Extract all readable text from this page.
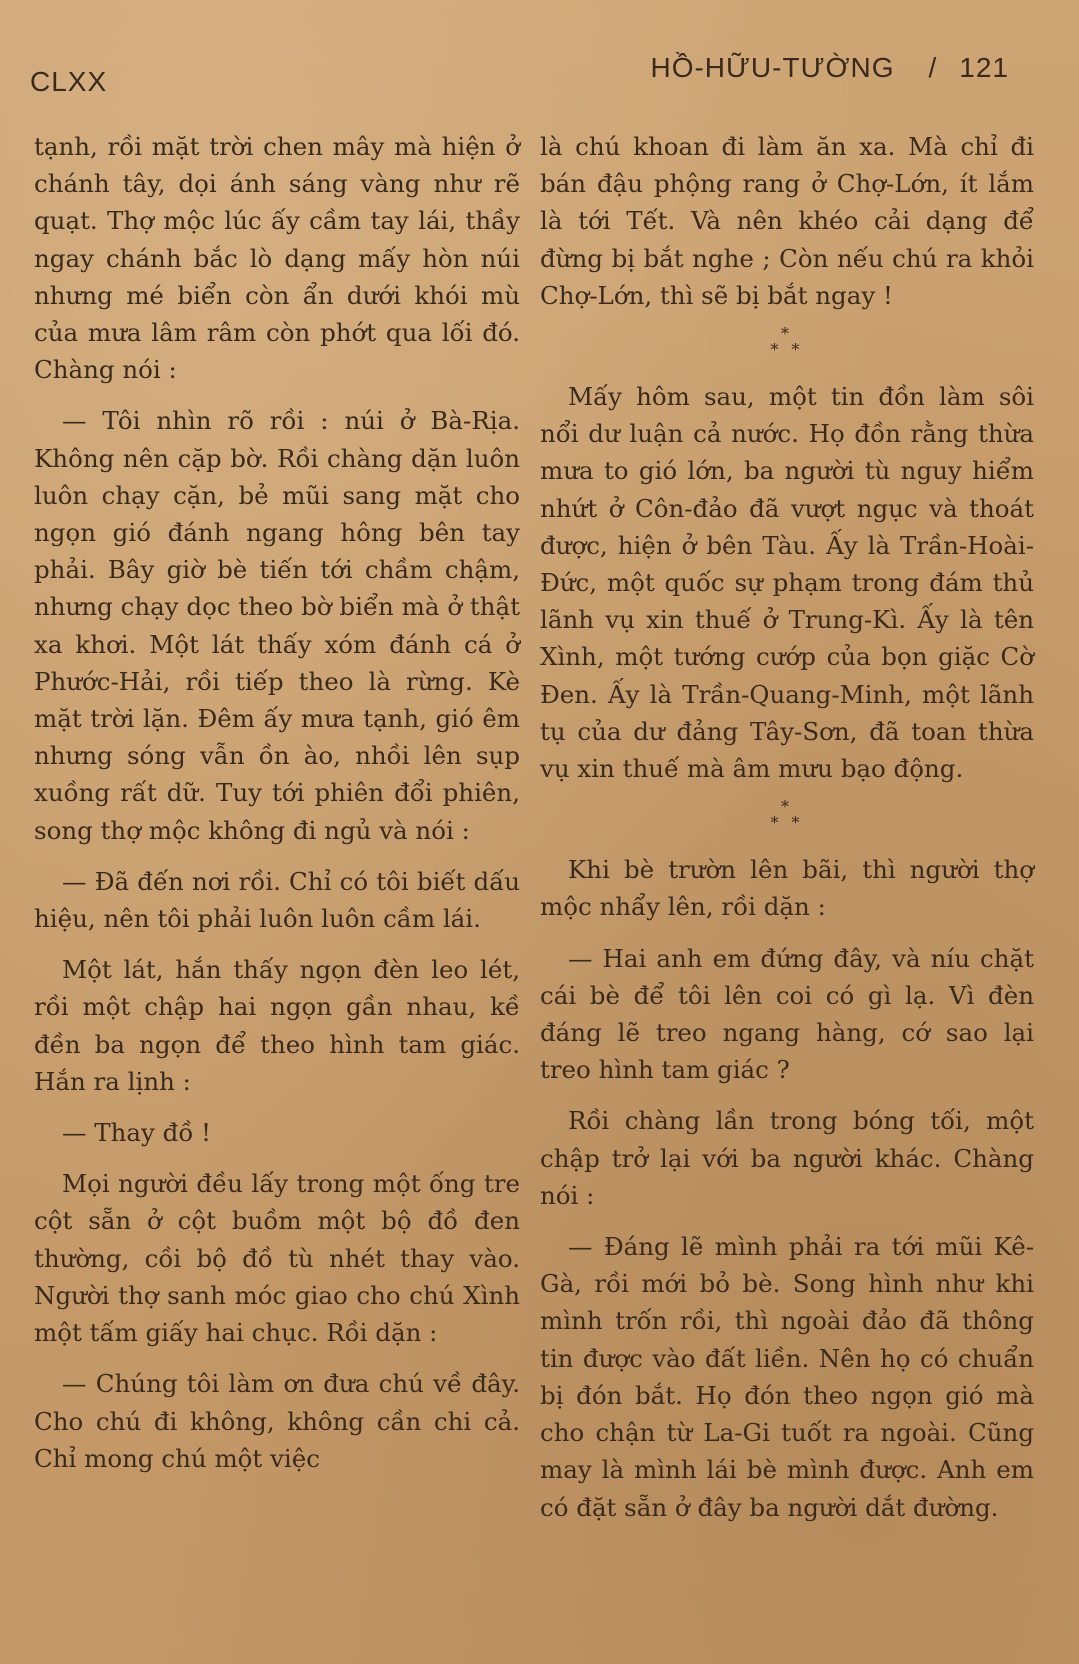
CLXX	HỒ-HỮU-TƯỜNG / 121

tạnh, rồi mặt trời chen mây mà hiện ở chánh tây, dọi ánh sáng vàng như rẽ quạt. Thợ mộc lúc ấy cầm tay lái, thầy ngay chánh bắc lò dạng mấy hòn núi nhưng mé biển còn ẩn dưới khói mù của mưa lâm râm còn phớt qua lối đó. Chàng nói :

— Tôi nhìn rõ rồi : núi ở Bà-Rịa. Không nên cặp bờ. Rồi chàng dặn luôn luôn chạy cặn, bẻ mũi sang mặt cho ngọn gió đánh ngang hông bên tay phải. Bây giờ bè tiến tới chầm chậm, nhưng chạy dọc theo bờ biển mà ở thật xa khơi. Một lát thấy xóm đánh cá ở Phước-Hải, rồi tiếp theo là rừng. Kè mặt trời lặn. Đêm ấy mưa tạnh, gió êm nhưng sóng vẫn ồn ào, nhồi lên sụp xuồng rất dữ. Tuy tới phiên đổi phiên, song thợ mộc không đi ngủ và nói :

— Đã đến nơi rồi. Chỉ có tôi biết dấu hiệu, nên tôi phải luôn luôn cầm lái.

Một lát, hắn thấy ngọn đèn leo lét, rồi một chập hai ngọn gần nhau, kề đền ba ngọn để theo hình tam giác. Hắn ra lịnh :

— Thay đồ !

Mọi người đều lấy trong một ống tre cột sẵn ở cột buồm một bộ đồ đen thường, cồi bộ đồ tù nhét thay vào. Người thợ sanh móc giao cho chú Xình một tấm giấy hai chục. Rồi dặn :

— Chúng tôi làm ơn đưa chú về đây. Cho chú đi không, không cần chi cả. Chỉ mong chú một việc

là chú khoan đi làm ăn xa. Mà chỉ đi bán đậu phộng rang ở Chợ-Lớn, ít lắm là tới Tết. Và nên khéo cải dạng để đừng bị bắt nghe ; Còn nếu chú ra khỏi Chợ-Lớn, thì sẽ bị bắt ngay !

*
* *

Mấy hôm sau, một tin đồn làm sôi nổi dư luận cả nước. Họ đồn rằng thừa mưa to gió lớn, ba người tù nguy hiểm nhứt ở Côn-đảo đã vượt ngục và thoát được, hiện ở bên Tàu. Ấy là Trần-Hoài-Đức, một quốc sự phạm trong đám thủ lãnh vụ xin thuế ở Trung-Kì. Ấy là tên Xình, một tướng cướp của bọn giặc Cờ Đen. Ấy là Trần-Quang-Minh, một lãnh tụ của dư đảng Tây-Sơn, đã toan thừa vụ xin thuế mà âm mưu bạo động.

*
* *

Khi bè trườn lên bãi, thì người thợ mộc nhẩy lên, rồi dặn :

— Hai anh em đứng đây, và níu chặt cái bè để tôi lên coi có gì lạ. Vì đèn đáng lẽ treo ngang hàng, cớ sao lại treo hình tam giác ?

Rồi chàng lần trong bóng tối, một chập trở lại với ba người khác. Chàng nói :

— Đáng lẽ mình phải ra tới mũi Kê-Gà, rồi mới bỏ bè. Song hình như khi mình trốn rồi, thì ngoài đảo đã thông tin được vào đất liền. Nên họ có chuẩn bị đón bắt. Họ đón theo ngọn gió mà cho chận từ La-Gi tuốt ra ngoài. Cũng may là mình lái bè mình được. Anh em có đặt sẵn ở đây ba người dắt đường.
